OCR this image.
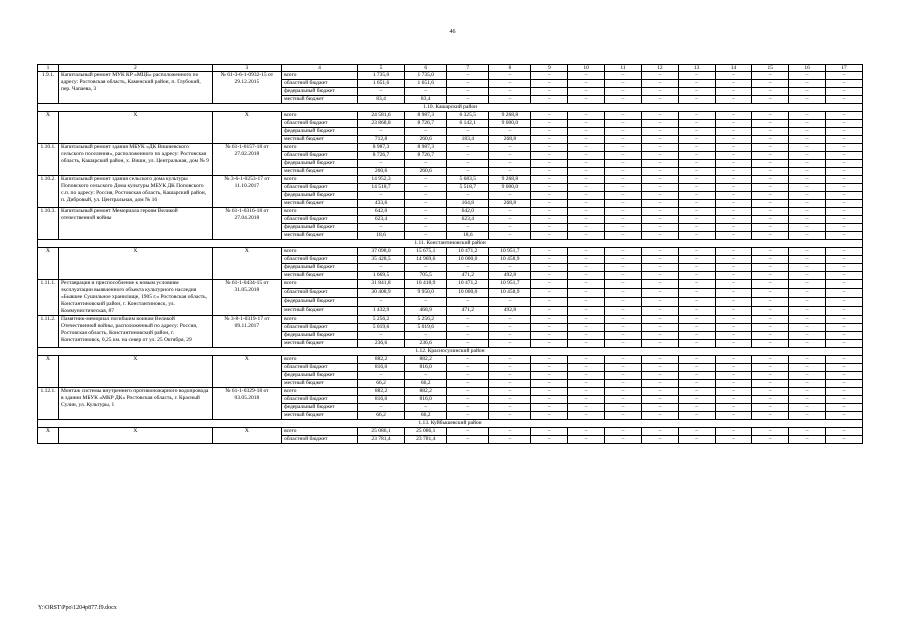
46
1	2	3	4	5	6	7	8	9	10	11	12	13	14	15	16	17
1.9.1.	Капитальный ремонт МУК КР «МЦБ» расположенного по адресу: Ростовская область, Каменский район, п. Глубокий, пер. Чапаева, 3	№ 61-3-6-1-0932-15 от 29.12.2015	всего	1 735,0	1 735,0	–	–	–	–	–	–	–	–	–	–	–
			областной бюджет	1 651,6	1 651,6	–	–	–	–	–	–	–	–	–	–	–
			федеральный бюджет	–	–	–	–	–	–	–	–	–	–	–	–	–
			местный бюджет	83,4	83,4	–	–	–	–	–	–	–	–	–	–	–
1.10. Кашарский район																
Х	Х	Х	всего	24 581,6	8 987,3	6 325,5	9 268,8	–	–	–	–	–	–	–	–	–
			областной бюджет	23 868,8	8 726,7	6 142,1	9 000,0	–	–	–	–	–	–	–	–	–
			федеральный бюджет	–	–	–	–	–	–	–	–	–	–	–	–	–
			местный бюджет	712,8	260,6	183,4	268,8	–	–	–	–	–	–	–	–	–
1.10.1.	Капитальный ремонт здания МБУК «ДК Вишневского сельского поселения», расположенного по адресу: Ростовская область, Кашарский район, х. Вишн, ул. Центральная, дом № 9	№ 61-1-0157-18 от 27.02.2018	всего	8 987,3	8 987,3	–	–	–	–	–	–	–	–	–	–	–
			областной бюджет	8 726,7	8 726,7	–	–	–	–	–	–	–	–	–	–	–
			федеральный бюджет	–	–	–	–	–	–	–	–	–	–	–	–	–
			местный бюджет	260,6	260,6	–	–	–	–	–	–	–	–	–	–	–
1.10.2.	Капитальный ремонт здания сельского дома культуры Поповского сельского Дома культуры МБУК ДК Поповского с.п. по адресу: Россия, Ростовская область, Кашарский район, п. Дибровый, ул. Центральная, дом № 16	№ 3-6-1-0253-17 от 11.10.2017	всего	14 952,3	–	5 683,5	9 268,8	–	–	–	–	–	–	–	–	–
			областной бюджет	14 518,7	–	5 518,7	9 000,0	–	–	–	–	–	–	–	–	–
			федеральный бюджет	–	–	–	–	–	–	–	–	–	–	–	–	–
			местный бюджет	433,6	–	164,8	268,8	–	–	–	–	–	–	–	–	–
1.10.3.	Капитальный ремонт Мемориала героям Великой отечественной войны	№ 61-1-0316-18 от 27.04.2018	всего	642,0	–	642,0	–	–	–	–	–	–	–	–	–	–
			областной бюджет	623,4	–	623,4	–	–	–	–	–	–	–	–	–	–
			федеральный бюджет	–	–	–	–	–	–	–	–	–	–	–	–	–
			местный бюджет	18,6	–	18,6	–	–	–	–	–	–	–	–	–	–
1.11. Константиновский район																
Х	Х	Х	всего	37 098,0	15 675,1	10 471,2	10 951,7	–	–	–	–	–	–	–	–	–
			областной бюджет	35 428,5	14 969,6	10 000,0	10 458,9	–	–	–	–	–	–	–	–	–
			федеральный бюджет	–	–	–	–	–	–	–	–	–	–	–	–	–
			местный бюджет	1 669,5	705,5	471,2	492,8	–	–	–	–	–	–	–	–	–
1.11.1.	Реставрация и приспособление к новым условиям эксплуатации выявленного объекта культурного наследия «Бывшее Сушильное хранилище, 1905 г.» Ростовская область, Константиновский район, г. Константиновск, ул. Коммунистическая, 87	№ 61-1-0434-15 от 31.05.2018	всего	31 841,8	10 418,9	10 471,2	10 951,7	–	–	–	–	–	–	–	–	–
			областной бюджет	30 408,9	9 950,0	10 000,0	10 458,9	–	–	–	–	–	–	–	–	–
			федеральный бюджет	–	–	–	–	–	–	–	–	–	–	–	–	–
			местный бюджет	1 432,9	468,9	471,2	492,8	–	–	–	–	–	–	–	–	–
1.11.2.	Памятник-мемориал погибшим воинам Великой Отечественной войны, расположенный по адресу: Россия, Ростовская область, Константиновский район, г. Константиновск, 0,25 км. на север от ул. 25 Октября, 29	№ 3-8-1-0319-17 от 09.11.2017	всего	5 256,2	5 256,2	–	–	–	–	–	–	–	–	–	–	–
			областной бюджет	5 019,6	5 019,6	–	–	–	–	–	–	–	–	–	–	–
			федеральный бюджет	–	–	–	–	–	–	–	–	–	–	–	–	–
			местный бюджет	236,6	236,6	–	–	–	–	–	–	–	–	–	–	–
1.12. Красносулинский район																
Х	Х	Х	всего	882,2	882,2	–	–	–	–	–	–	–	–	–	–	–
			областной бюджет	816,0	816,0	–	–	–	–	–	–	–	–	–	–	–
			федеральный бюджет	–	–	–	–	–	–	–	–	–	–	–	–	–
			местный бюджет	66,2	66,2	–	–	–	–	–	–	–	–	–	–	–
1.12.1.	Монтаж системы внутреннего противопожарного водопровода в здании МБУК «МКР ДК» Ростовская область, г. Красный Сулин, ул. Культуры, 1	№ 61-1-0329-18 от 03.05.2018	всего	882,2	882,2	–	–	–	–	–	–	–	–	–	–	–
			областной бюджет	816,0	816,0	–	–	–	–	–	–	–	–	–	–	–
			федеральный бюджет	–	–	–	–	–	–	–	–	–	–	–	–	–
			местный бюджет	66,2	66,2	–	–	–	–	–	–	–	–	–	–	–
1.13. Куйбышевский район																
Х	Х	Х	всего	25 086,1	25 086,1	–	–	–	–	–	–	–	–	–	–	–
			областной бюджет	23 781,4	23 781,4	–	–	–	–	–	–	–	–	–	–	–
Y:\ORST\Ppo\1204p877.f9.docx
